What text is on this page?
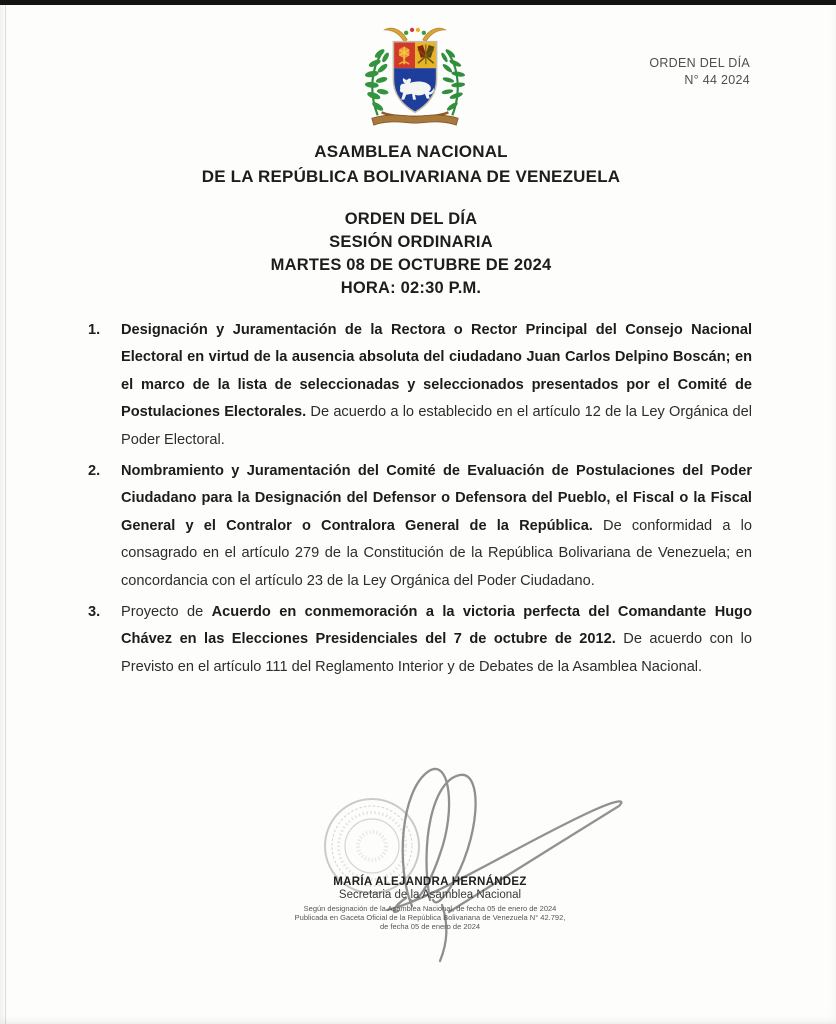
ORDEN DEL DÍA
N° 44 2024
ASAMBLEA NACIONAL
DE LA REPÚBLICA BOLIVARIANA DE VENEZUELA
ORDEN DEL DÍA
SESIÓN ORDINARIA
MARTES 08 DE OCTUBRE DE 2024
HORA: 02:30 P.M.
1.	Designación y Juramentación de la Rectora o Rector Principal del Consejo Nacional Electoral en virtud de la ausencia absoluta del ciudadano Juan Carlos Delpino Boscán; en el marco de la lista de seleccionadas y seleccionados presentados por el Comité de Postulaciones Electorales. De acuerdo a lo establecido en el artículo 12 de la Ley Orgánica del Poder Electoral.
2.	Nombramiento y Juramentación del Comité de Evaluación de Postulaciones del Poder Ciudadano para la Designación del Defensor o Defensora del Pueblo, el Fiscal o la Fiscal General y el Contralor o Contralora General de la República. De conformidad a lo consagrado en el artículo 279 de la Constitución de la República Bolivariana de Venezuela; en concordancia con el artículo 23 de la Ley Orgánica del Poder Ciudadano.
3.	Proyecto de Acuerdo en conmemoración a la victoria perfecta del Comandante Hugo Chávez en las Elecciones Presidenciales del 7 de octubre de 2012. De acuerdo con lo Previsto en el artículo 111 del Reglamento Interior y de Debates de la Asamblea Nacional.
MARÍA ALEJANDRA HERNÁNDEZ
Secretaria de la Asamblea Nacional
Según designación de la Asamblea Nacional, de fecha 05 de enero de 2024
Publicada en Gaceta Oficial de la República Bolivariana de Venezuela N° 42.792,
de fecha 05 de enero de 2024
